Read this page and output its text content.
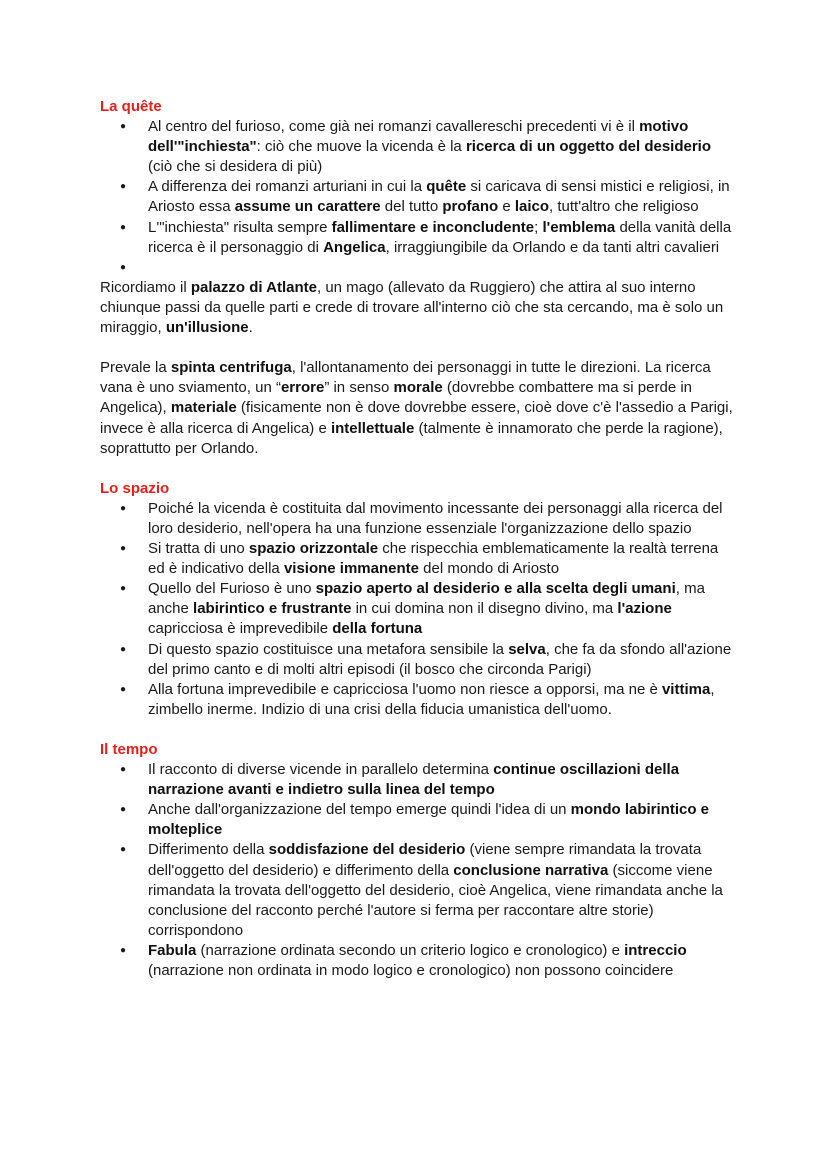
La quête
● Al centro del furioso, come già nei romanzi cavallereschi precedenti vi è il motivo dell'"inchiesta": ciò che muove la vicenda è la ricerca di un oggetto del desiderio (ciò che si desidera di più)
● A differenza dei romanzi arturiani in cui la quête si caricava di sensi mistici e religiosi, in Ariosto essa assume un carattere del tutto profano e laico, tutt'altro che religioso
● L'"inchiesta" risulta sempre fallimentare e inconcludente; l'emblema della vanità della ricerca è il personaggio di Angelica, irraggiungibile da Orlando e da tanti altri cavalieri
●

Ricordiamo il palazzo di Atlante, un mago (allevato da Ruggiero) che attira al suo interno chiunque passi da quelle parti e crede di trovare all'interno ciò che sta cercando, ma è solo un miraggio, un'illusione.

Prevale la spinta centrifuga, l'allontanamento dei personaggi in tutte le direzioni. La ricerca vana è uno sviamento, un “errore” in senso morale (dovrebbe combattere ma si perde in Angelica), materiale (fisicamente non è dove dovrebbe essere, cioè dove c'è l'assedio a Parigi, invece è alla ricerca di Angelica) e intellettuale (talmente è innamorato che perde la ragione), soprattutto per Orlando.

Lo spazio
● Poiché la vicenda è costituita dal movimento incessante dei personaggi alla ricerca del loro desiderio, nell'opera ha una funzione essenziale l'organizzazione dello spazio
● Si tratta di uno spazio orizzontale che rispecchia emblematicamente la realtà terrena ed è indicativo della visione immanente del mondo di Ariosto
● Quello del Furioso è uno spazio aperto al desiderio e alla scelta degli umani, ma anche labirintico e frustrante in cui domina non il disegno divino, ma l'azione capricciosa è imprevedibile della fortuna
● Di questo spazio costituisce una metafora sensibile la selva, che fa da sfondo all'azione del primo canto e di molti altri episodi (il bosco che circonda Parigi)
● Alla fortuna imprevedibile e capricciosa l'uomo non riesce a opporsi, ma ne è vittima, zimbello inerme. Indizio di una crisi della fiducia umanistica dell'uomo.
Il tempo
● Il racconto di diverse vicende in parallelo determina continue oscillazioni della narrazione avanti e indietro sulla linea del tempo
● Anche dall'organizzazione del tempo emerge quindi l'idea di un mondo labirintico e molteplice
● Differimento della soddisfazione del desiderio (viene sempre rimandata la trovata dell'oggetto del desiderio) e differimento della conclusione narrativa (siccome viene rimandata la trovata dell'oggetto del desiderio, cioè Angelica, viene rimandata anche la conclusione del racconto perché l'autore si ferma per raccontare altre storie) corrispondono
● Fabula (narrazione ordinata secondo un criterio logico e cronologico) e intreccio (narrazione non ordinata in modo logico e cronologico) non possono coincidere
